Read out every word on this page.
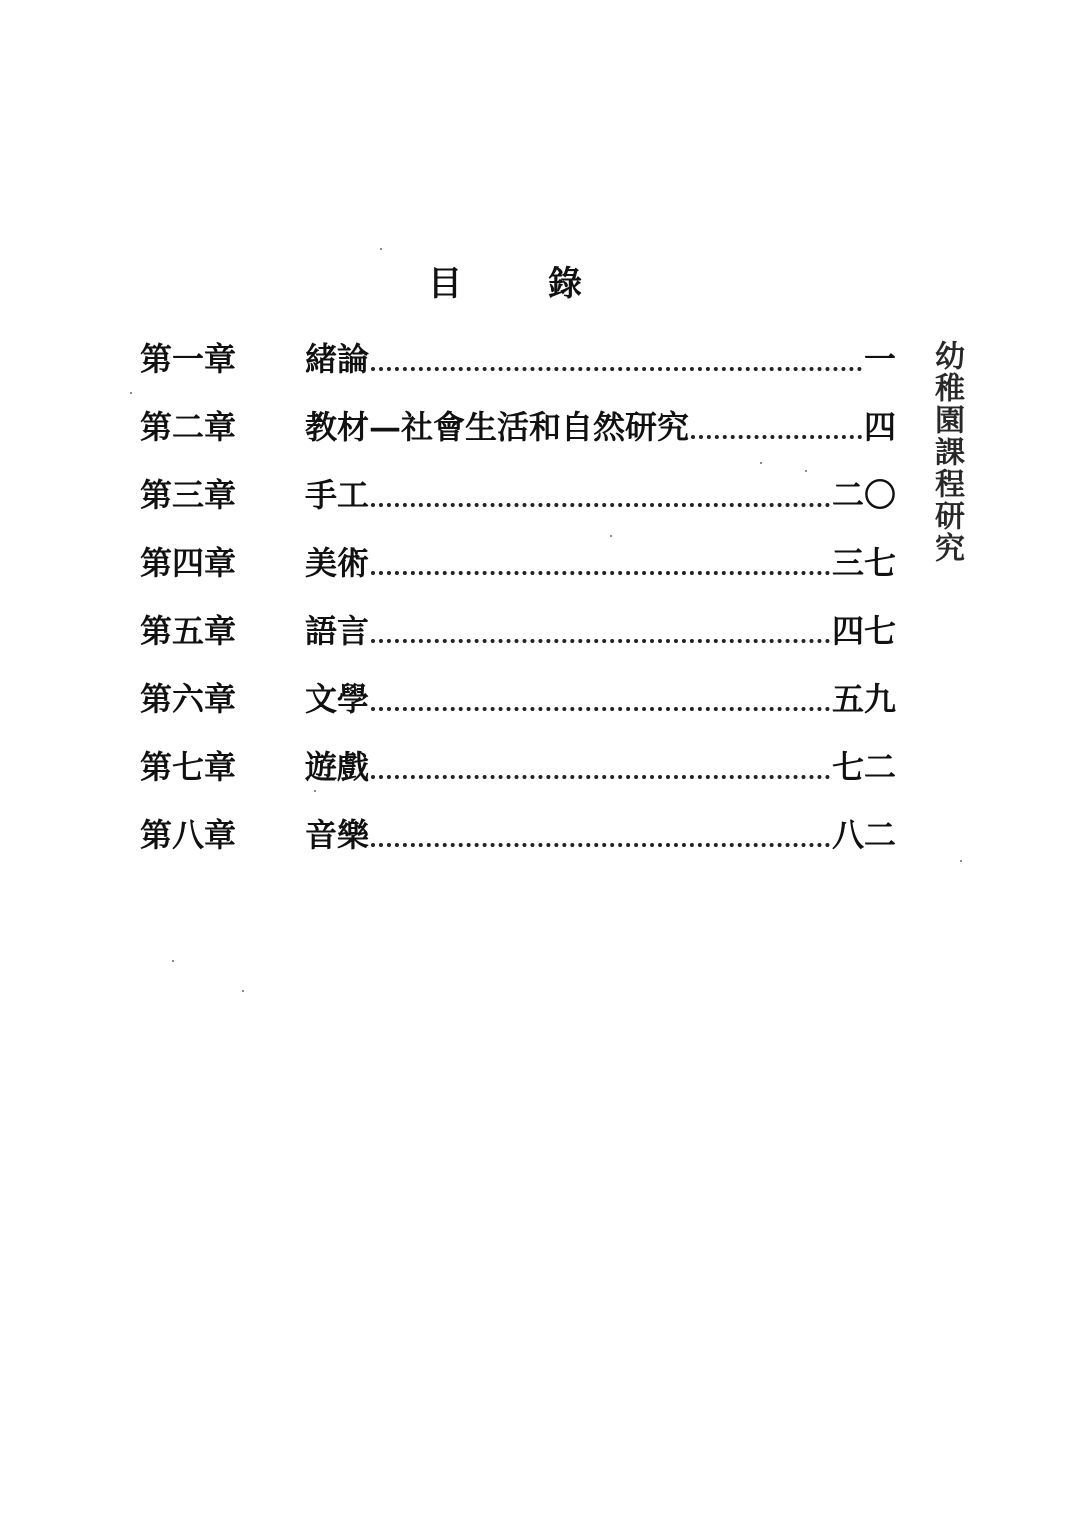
目　錄
第一章	緒論	一
第二章	教材—社會生活和自然研究	四
第三章	手工	二〇
第四章	美術	三七
第五章	語言	四七
第六章	文學	五九
第七章	遊戲	七二
第八章	音樂	八二
幼稚園課程研究
